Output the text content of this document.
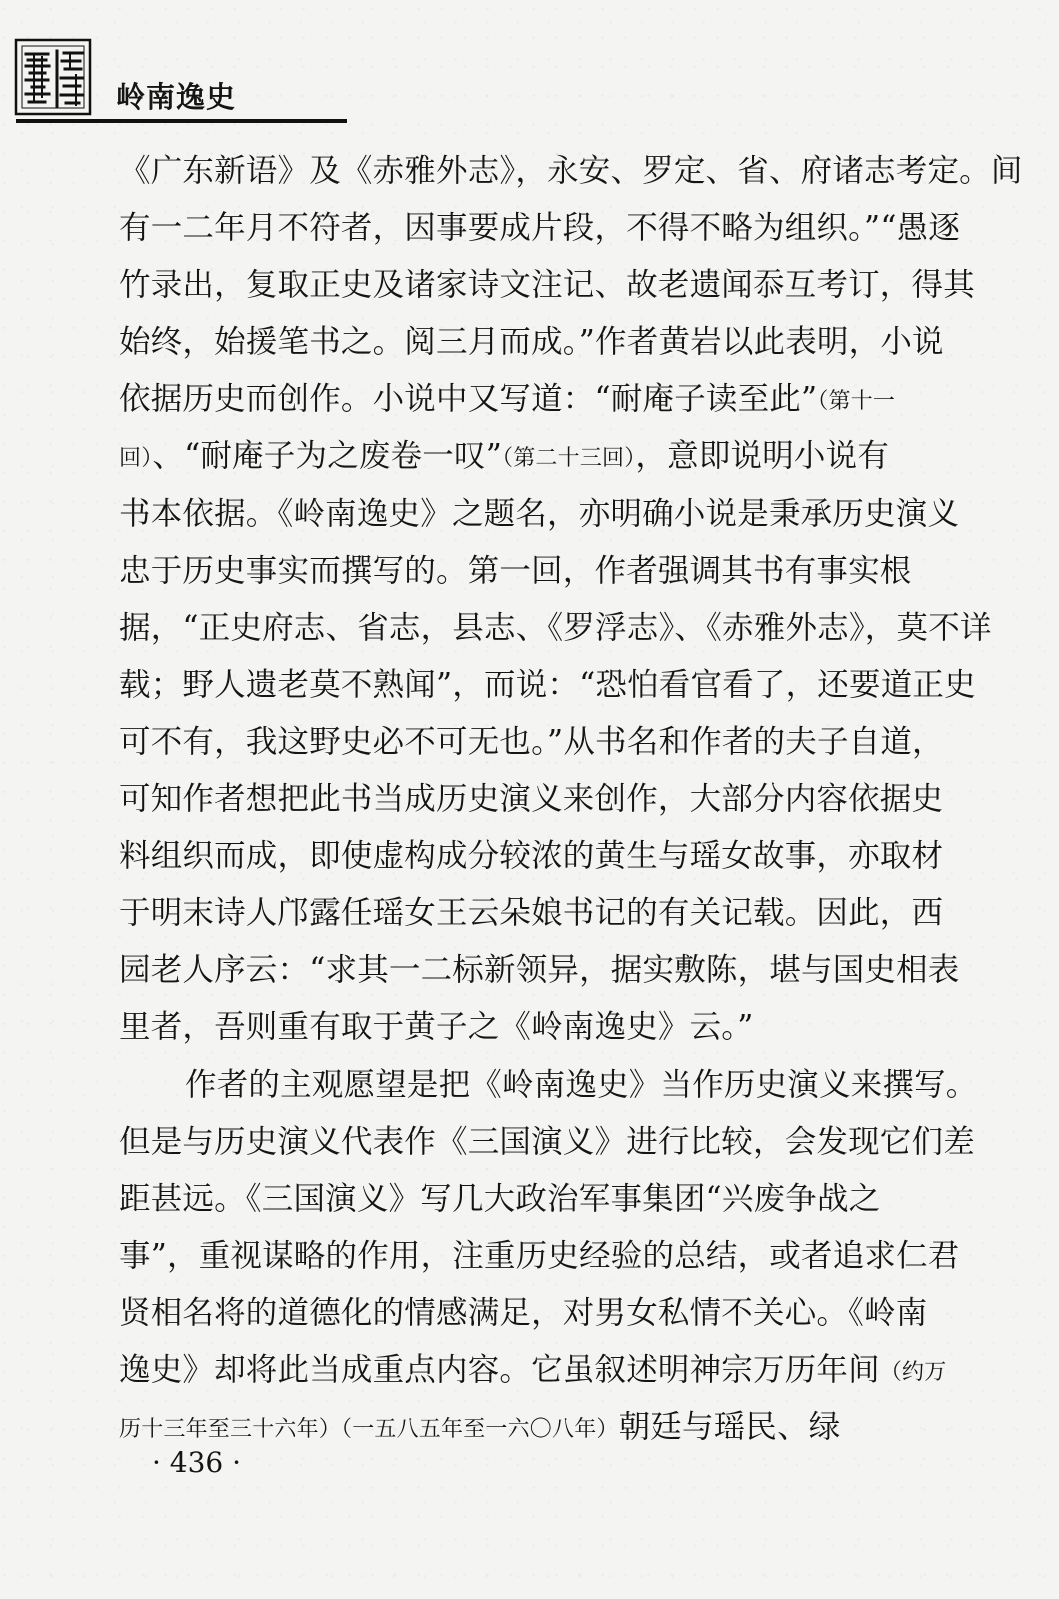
岭南逸史
《广东新语》及《赤雅外志》，永安、罗定、省、府诸志考定。间
有一二年月不符者，因事要成片段，不得不略为组织。”“愚逐
竹录出，复取正史及诸家诗文注记、故老遗闻忝互考订，得其
始终，始援笔书之。阅三月而成。”作者黄岩以此表明，小说
依据历史而创作。小说中又写道：“耐庵子读至此”（第十一
回）、“耐庵子为之废卷一叹”（第二十三回），意即说明小说有
书本依据。《岭南逸史》之题名，亦明确小说是秉承历史演义
忠于历史事实而撰写的。第一回，作者强调其书有事实根
据，“正史府志、省志，县志、《罗浮志》、《赤雅外志》，莫不详
载；野人遗老莫不熟闻”，而说：“恐怕看官看了，还要道正史
可不有，我这野史必不可无也。”从书名和作者的夫子自道，
可知作者想把此书当成历史演义来创作，大部分内容依据史
料组织而成，即使虚构成分较浓的黄生与瑶女故事，亦取材
于明末诗人邝露任瑶女王云朵娘书记的有关记载。因此，西
园老人序云：“求其一二标新领异，据实敷陈，堪与国史相表
里者，吾则重有取于黄子之《岭南逸史》云。”
作者的主观愿望是把《岭南逸史》当作历史演义来撰写。
但是与历史演义代表作《三国演义》进行比较，会发现它们差
距甚远。《三国演义》写几大政治军事集团“兴废争战之
事”，重视谋略的作用，注重历史经验的总结，或者追求仁君
贤相名将的道德化的情感满足，对男女私情不关心。《岭南
逸史》却将此当成重点内容。它虽叙述明神宗万历年间（约万
历十三年至三十六年）（一五八五年至一六〇八年）朝廷与瑶民、绿
· 436 ·
